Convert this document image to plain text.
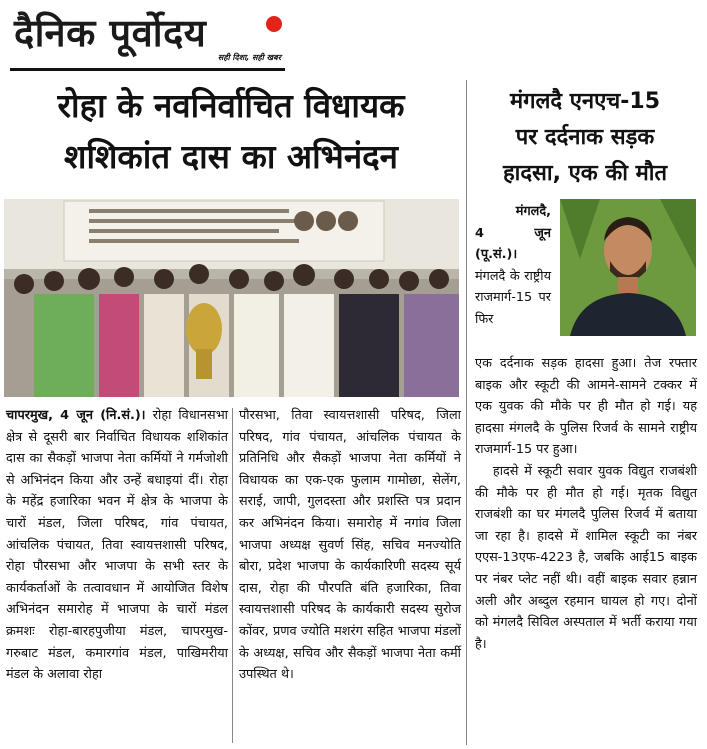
दैनिक पूर्वोदय
सही दिशा, सही खबर
रोहा के नवनिर्वाचित विधायक
शशिकांत दास का अभिनंदन
चापरमुख, 4 जून (नि.सं.)। रोहा विधानसभा क्षेत्र से दूसरी बार निर्वाचित विधायक शशिकांत दास का सैकड़ों भाजपा नेता कर्मियों ने गर्मजोशी से अभिनंदन किया और उन्हें बधाइयां दीं। रोहा के महेंद्र हजारिका भवन में क्षेत्र के भाजपा के चारों मंडल, जिला परिषद, गांव पंचायत, आंचलिक पंचायत, तिवा स्वायत्तशासी परिषद, रोहा पौरसभा और भाजपा के सभी स्तर के कार्यकर्ताओं के तत्वावधान में आयोजित विशेष अभिनंदन समारोह में भाजपा के चारों मंडल क्रमशः रोहा-बारहपुजीया मंडल, चापरमुख-गरुबाट मंडल, कमारगांव मंडल, पाखिमरीया मंडल के अलावा रोहा
पौरसभा, तिवा स्वायत्तशासी परिषद, जिला परिषद, गांव पंचायत, आंचलिक पंचायत के प्रतिनिधि और सैकड़ों भाजपा नेता कर्मियों ने विधायक का एक-एक फुलाम गामोछा, सेलेंग, सराई, जापी, गुलदस्ता और प्रशस्ति पत्र प्रदान कर अभिनंदन किया। समारोह में नगांव जिला भाजपा अध्यक्ष सुवर्ण सिंह, सचिव मनज्योति बोरा, प्रदेश भाजपा के कार्यकारिणी सदस्य सूर्य दास, रोहा की पौरपति बंति हजारिका, तिवा स्वायत्तशासी परिषद के कार्यकारी सदस्य सुरोज कोंवर, प्रणव ज्योति मशरंग सहित भाजपा मंडलों के अध्यक्ष, सचिव और सैकड़ों भाजपा नेता कर्मी उपस्थित थे।
मंगलदै एनएच-15
पर दर्दनाक सड़क
हादसा, एक की मौत
मंगलदै,
4 जून
(पू.सं.)।
मंगलदै के राष्ट्रीय राजमार्ग-15 पर फिर
एक दर्दनाक सड़क हादसा हुआ। तेज रफ्तार बाइक और स्कूटी की आमने-सामने टक्कर में एक युवक की मौके पर ही मौत हो गई। यह हादसा मंगलदै के पुलिस रिजर्व के सामने राष्ट्रीय राजमार्ग-15 पर हुआ।
हादसे में स्कूटी सवार युवक विद्युत राजबंशी की मौके पर ही मौत हो गई। मृतक विद्युत राजबंशी का घर मंगलदै पुलिस रिजर्व में बताया जा रहा है। हादसे में शामिल स्कूटी का नंबर एएस-13एफ-4223 है, जबकि आई15 बाइक पर नंबर प्लेट नहीं थी। वहीं बाइक सवार हन्नान अली और अब्दुल रहमान घायल हो गए। दोनों को मंगलदै सिविल अस्पताल में भर्ती कराया गया है।
